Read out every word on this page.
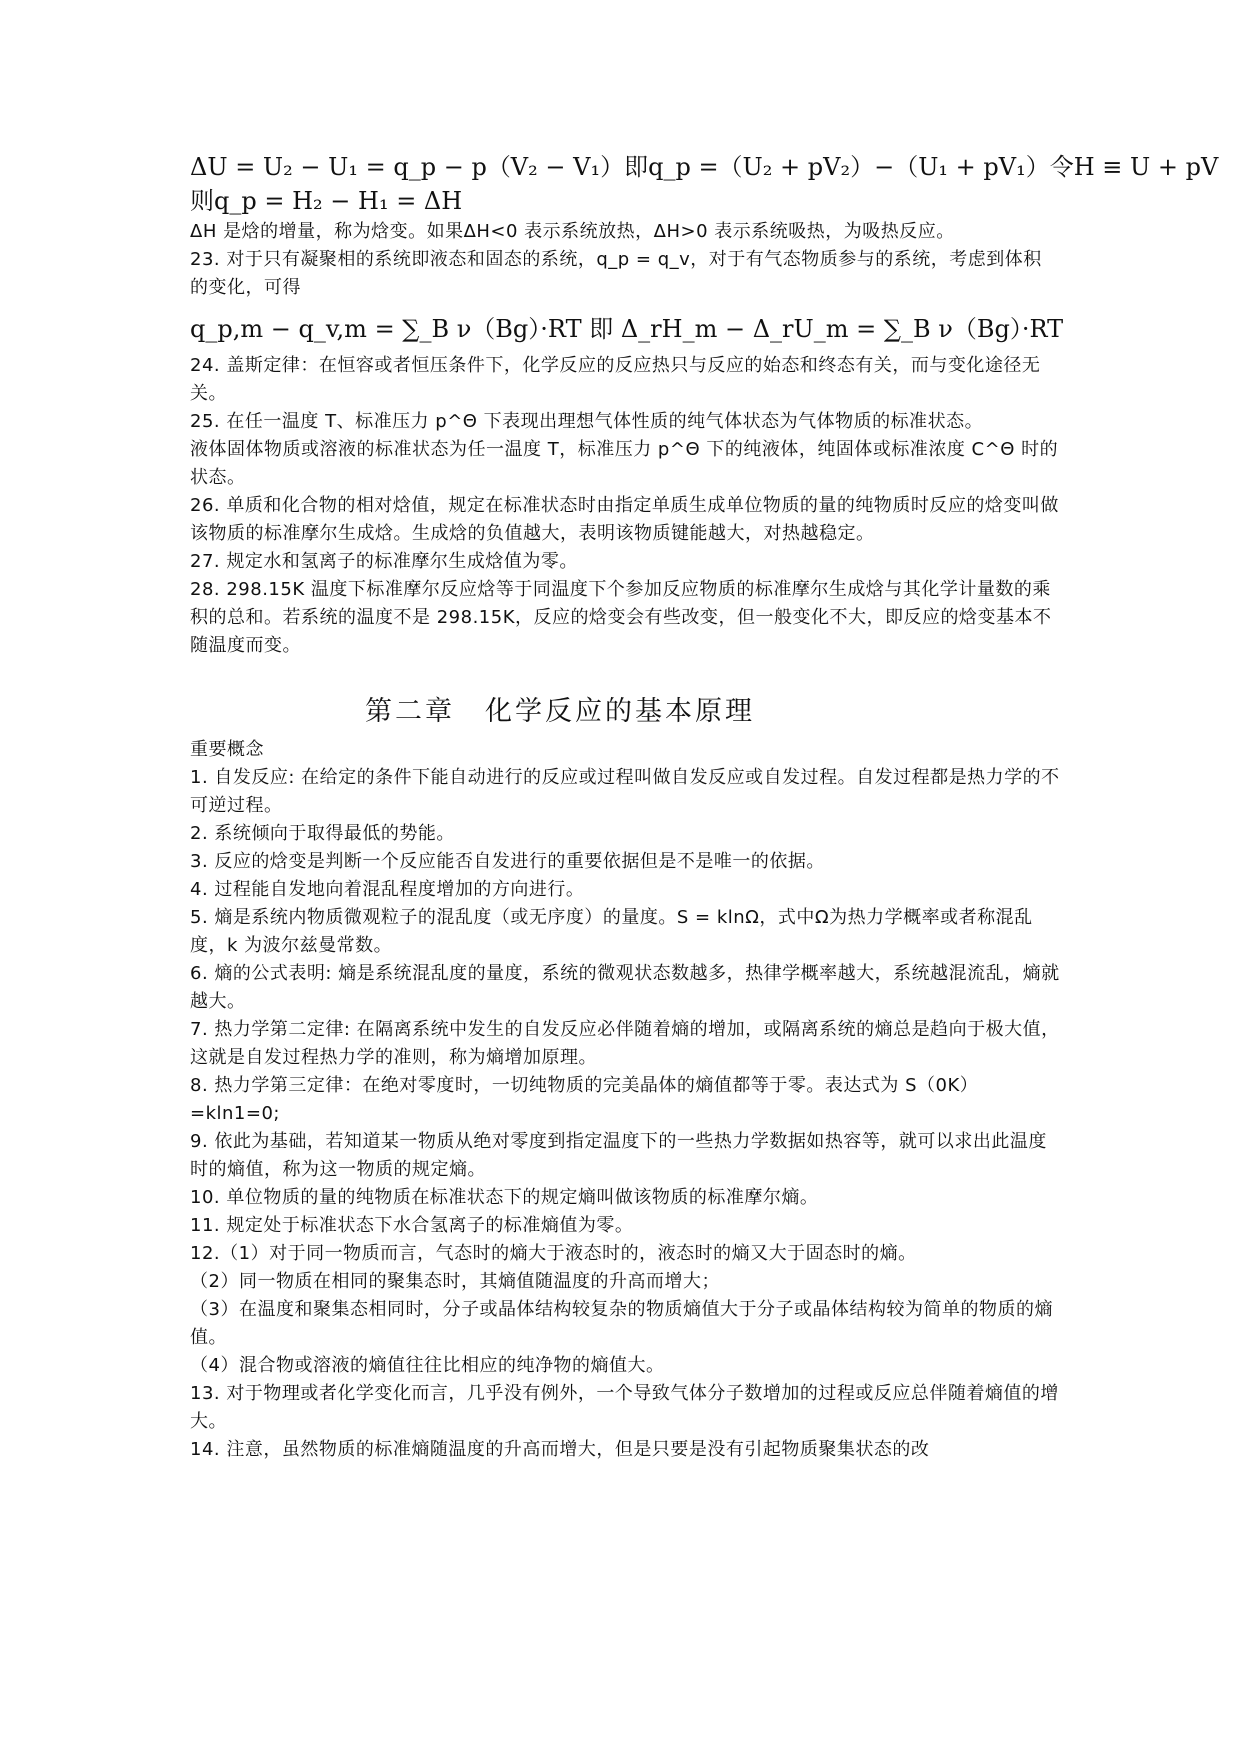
ΔU = U₂ − U₁ = q_p − p（V₂ − V₁）即q_p =（U₂ + pV₂）−（U₁ + pV₁）令H ≡ U + pV
则q_p = H₂ − H₁ = ΔH

ΔH 是焓的增量，称为焓变。如果ΔH<0 表示系统放热，ΔH>0 表示系统吸热，为吸热反应。

23. 对于只有凝聚相的系统即液态和固态的系统，q_p = q_v，对于有气态物质参与的系统，考虑到体积的变化，可得

q_p,m − q_v,m = ∑_B ν（Bg）·RT 即 Δ_rH_m − Δ_rU_m = ∑_B ν（Bg）·RT

24. 盖斯定律：在恒容或者恒压条件下，化学反应的反应热只与反应的始态和终态有关，而与变化途径无关。

25. 在任一温度 T、标准压力 p^Θ 下表现出理想气体性质的纯气体状态为气体物质的标准状态。

液体固体物质或溶液的标准状态为任一温度 T，标准压力 p^Θ 下的纯液体，纯固体或标准浓度 C^Θ 时的状态。

26. 单质和化合物的相对焓值，规定在标准状态时由指定单质生成单位物质的量的纯物质时反应的焓变叫做该物质的标准摩尔生成焓。生成焓的负值越大，表明该物质键能越大，对热越稳定。

27. 规定水和氢离子的标准摩尔生成焓值为零。

28. 298.15K 温度下标准摩尔反应焓等于同温度下个参加反应物质的标准摩尔生成焓与其化学计量数的乘积的总和。若系统的温度不是 298.15K，反应的焓变会有些改变，但一般变化不大，即反应的焓变基本不随温度而变。

第二章　化学反应的基本原理

重要概念

1. 自发反应: 在给定的条件下能自动进行的反应或过程叫做自发反应或自发过程。自发过程都是热力学的不可逆过程。

2. 系统倾向于取得最低的势能。

3. 反应的焓变是判断一个反应能否自发进行的重要依据但是不是唯一的依据。

4. 过程能自发地向着混乱程度增加的方向进行。

5. 熵是系统内物质微观粒子的混乱度（或无序度）的量度。S = klnΩ，式中Ω为热力学概率或者称混乱度，k 为波尔兹曼常数。

6. 熵的公式表明: 熵是系统混乱度的量度，系统的微观状态数越多，热律学概率越大，系统越混流乱，熵就越大。

7. 热力学第二定律: 在隔离系统中发生的自发反应必伴随着熵的增加，或隔离系统的熵总是趋向于极大值，这就是自发过程热力学的准则，称为熵增加原理。

8. 热力学第三定律：在绝对零度时，一切纯物质的完美晶体的熵值都等于零。表达式为 S（0K）=kln1=0;

9. 依此为基础，若知道某一物质从绝对零度到指定温度下的一些热力学数据如热容等，就可以求出此温度时的熵值，称为这一物质的规定熵。

10. 单位物质的量的纯物质在标准状态下的规定熵叫做该物质的标准摩尔熵。

11. 规定处于标准状态下水合氢离子的标准熵值为零。

12.（1）对于同一物质而言，气态时的熵大于液态时的，液态时的熵又大于固态时的熵。

（2）同一物质在相同的聚集态时，其熵值随温度的升高而增大；

（3）在温度和聚集态相同时，分子或晶体结构较复杂的物质熵值大于分子或晶体结构较为简单的物质的熵值。

（4）混合物或溶液的熵值往往比相应的纯净物的熵值大。

13. 对于物理或者化学变化而言，几乎没有例外，一个导致气体分子数增加的过程或反应总伴随着熵值的增大。

14. 注意，虽然物质的标准熵随温度的升高而增大，但是只要是没有引起物质聚集状态的改
